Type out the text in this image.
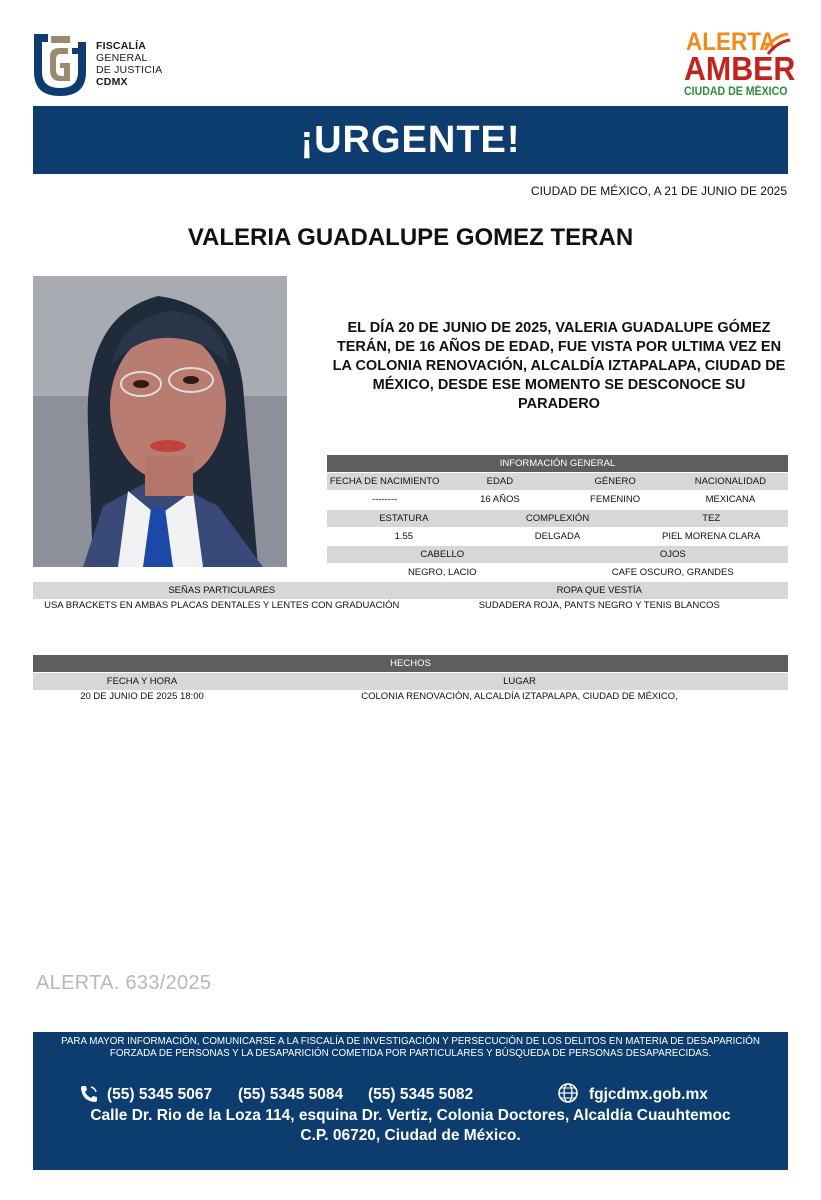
FISCALÍA
GENERAL
DE JUSTICIA
CDMX
ALERTA
AMBER
CIUDAD DE MÉXICO
¡URGENTE!
CIUDAD DE MÉXICO, A 21 DE JUNIO DE 2025
VALERIA GUADALUPE GOMEZ TERAN
EL DÍA 20 DE JUNIO DE 2025, VALERIA GUADALUPE GÓMEZ TERÁN, DE 16 AÑOS DE EDAD, FUE VISTA POR ULTIMA VEZ EN LA COLONIA RENOVACIÓN, ALCALDÍA IZTAPALAPA, CIUDAD DE MÉXICO, DESDE ESE MOMENTO SE DESCONOCE SU PARADERO
INFORMACIÓN GENERAL
FECHA DE NACIMIENTO	EDAD	GÉNERO	NACIONALIDAD
--------	16 AÑOS	FEMENINO	MEXICANA
ESTATURA	COMPLEXIÓN	TEZ
1.55	DELGADA	PIEL MORENA CLARA
CABELLO	OJOS
NEGRO, LACIO	CAFE OSCURO, GRANDES
SEÑAS PARTICULARES	ROPA QUE VESTÍA
USA BRACKETS EN AMBAS PLACAS DENTALES Y LENTES CON GRADUACIÓN	SUDADERA ROJA, PANTS NEGRO Y TENIS BLANCOS
HECHOS
FECHA Y HORA	LUGAR
20 DE JUNIO DE 2025 18:00	COLONIA RENOVACIÓN, ALCALDÍA IZTAPALAPA, CIUDAD DE MÉXICO,
ALERTA. 633/2025
PARA MAYOR INFORMACIÓN, COMUNICARSE A LA FISCALÍA DE INVESTIGACIÓN Y PERSECUCIÓN DE LOS DELITOS EN MATERIA DE DESAPARICIÓN
FORZADA DE PERSONAS Y LA DESAPARICIÓN COMETIDA POR PARTICULARES Y BÚSQUEDA DE PERSONAS DESAPARECIDAS.
(55) 5345 5067 (55) 5345 5084 (55) 5345 5082	fgjcdmx.gob.mx
Calle Dr. Rio de la Loza 114, esquina Dr. Vertiz, Colonia Doctores, Alcaldía Cuauhtemoc
C.P. 06720, Ciudad de México.
